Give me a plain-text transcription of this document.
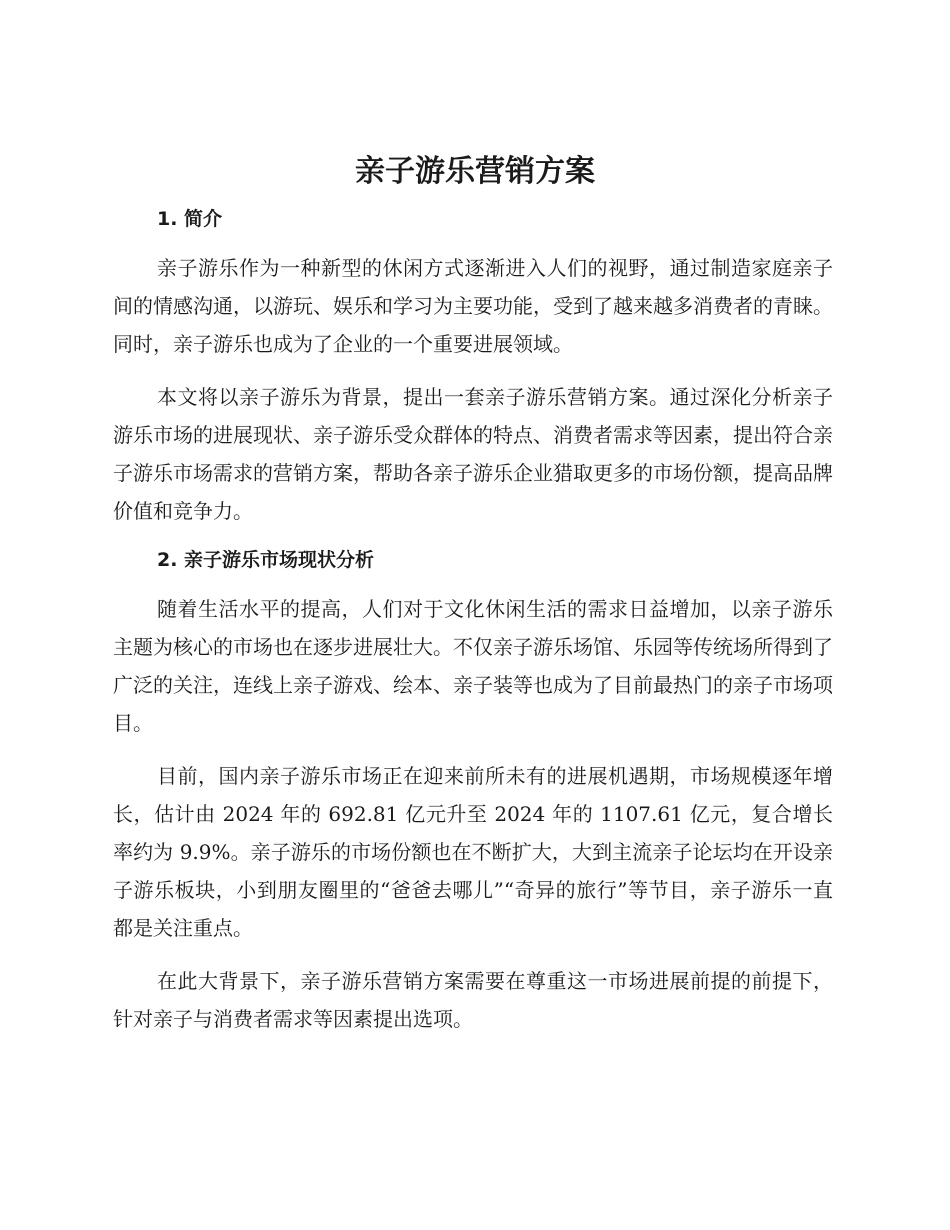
亲子游乐营销方案
1. 简介

亲子游乐作为一种新型的休闲方式逐渐进入人们的视野，通过制造家庭亲子间的情感沟通，以游玩、娱乐和学习为主要功能，受到了越来越多消费者的青睐。同时，亲子游乐也成为了企业的一个重要进展领域。

本文将以亲子游乐为背景，提出一套亲子游乐营销方案。通过深化分析亲子游乐市场的进展现状、亲子游乐受众群体的特点、消费者需求等因素，提出符合亲子游乐市场需求的营销方案，帮助各亲子游乐企业猎取更多的市场份额，提高品牌价值和竞争力。

2. 亲子游乐市场现状分析

随着生活水平的提高，人们对于文化休闲生活的需求日益增加，以亲子游乐主题为核心的市场也在逐步进展壮大。不仅亲子游乐场馆、乐园等传统场所得到了广泛的关注，连线上亲子游戏、绘本、亲子装等也成为了目前最热门的亲子市场项目。

目前，国内亲子游乐市场正在迎来前所未有的进展机遇期，市场规模逐年增长，估计由 2024 年的 692.81 亿元升至 2024 年的 1107.61 亿元，复合增长率约为 9.9%。亲子游乐的市场份额也在不断扩大，大到主流亲子论坛均在开设亲子游乐板块，小到朋友圈里的“爸爸去哪儿”“奇异的旅行”等节目，亲子游乐一直都是关注重点。

在此大背景下，亲子游乐营销方案需要在尊重这一市场进展前提的前提下，针对亲子与消费者需求等因素提出选项。
